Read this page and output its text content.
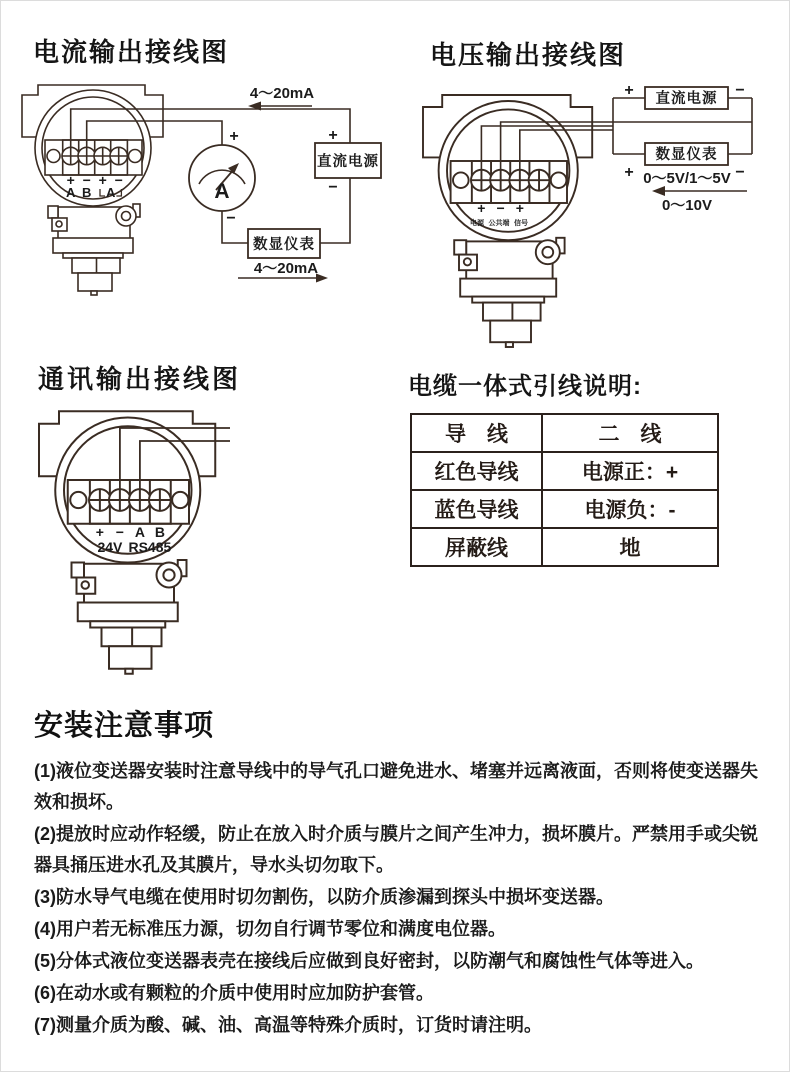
电流输出接线图	电压输出接线图
4～20mA
4～20mA
A
+
−
直流电源
+
−
数显仪表
+ − + −
A B A
直流电源
+	−
数显仪表
+	−
0～5V/1～5V
0～10V
+ − +
电源 公共端 信号
通讯输出接线图
+ − A B
24V RS485
电缆一体式引线说明:
导　线	二　线
红色导线	电源正：+
蓝色导线	电源负：-
屏蔽线	地
安装注意事项

(1)液位变送器安装时注意导线中的导气孔口避免进水、堵塞并远离液面，否则将使变送器失效和损坏。

(2)提放时应动作轻缓，防止在放入时介质与膜片之间产生冲力，损坏膜片。严禁用手或尖锐器具捅压进水孔及其膜片，导水头切勿取下。

(3)防水导气电缆在使用时切勿割伤，以防介质渗漏到探头中损坏变送器。

(4)用户若无标准压力源，切勿自行调节零位和满度电位器。

(5)分体式液位变送器表壳在接线后应做到良好密封，以防潮气和腐蚀性气体等进入。

(6)在动水或有颗粒的介质中使用时应加防护套管。

(7)测量介质为酸、碱、油、高温等特殊介质时，订货时请注明。
